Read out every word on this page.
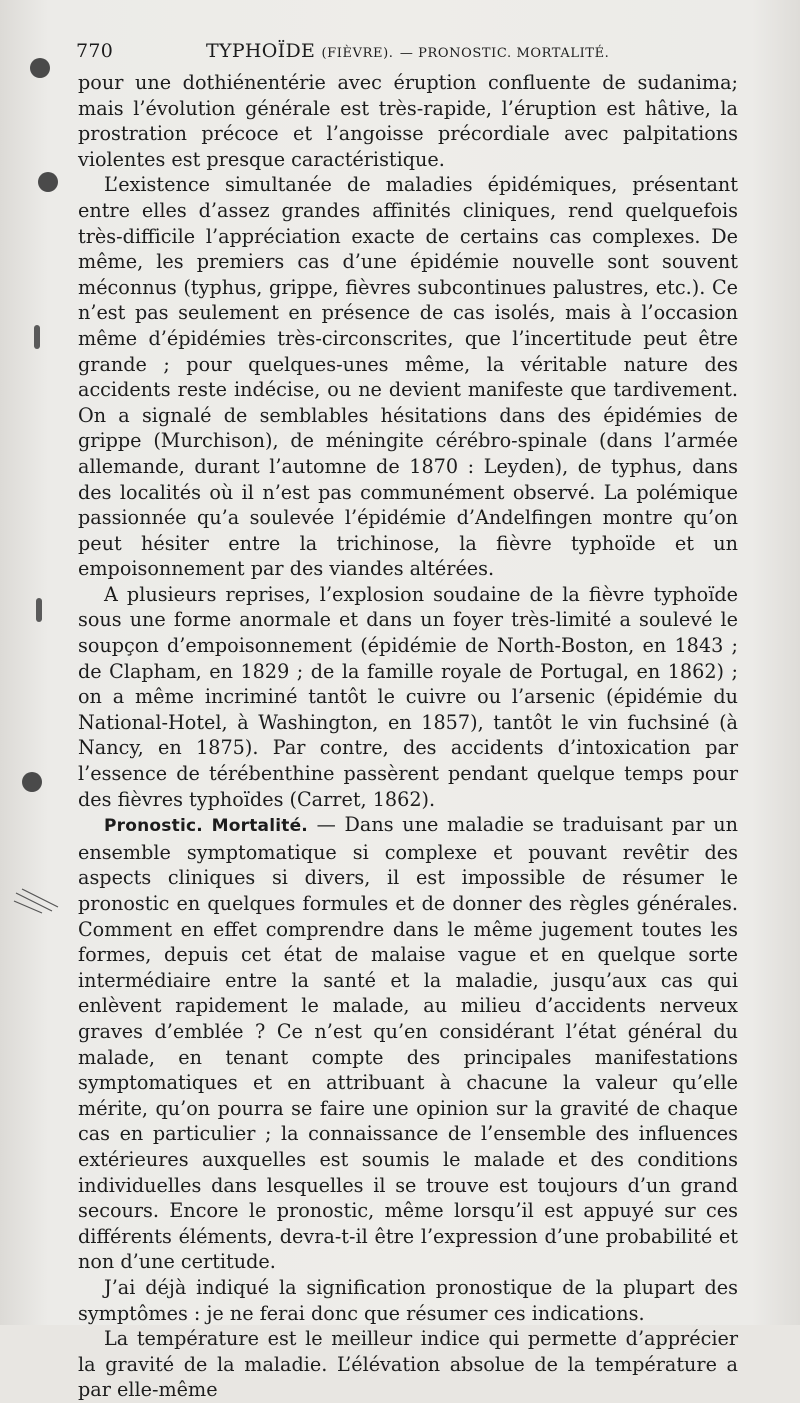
770	TYPHOÏDE (FIÈVRE). — PRONOSTIC. MORTALITÉ.

pour une dothiénentérie avec éruption confluente de sudanima; mais l’évolution générale est très-rapide, l’éruption est hâtive, la prostration précoce et l’angoisse précordiale avec palpitations violentes est presque caractéristique.

L’existence simultanée de maladies épidémiques, présentant entre elles d’assez grandes affinités cliniques, rend quelquefois très-difficile l’appréciation exacte de certains cas complexes. De même, les premiers cas d’une épidémie nouvelle sont souvent méconnus (typhus, grippe, fièvres subcontinues palustres, etc.). Ce n’est pas seulement en présence de cas isolés, mais à l’occasion même d’épidémies très-circonscrites, que l’incertitude peut être grande ; pour quelques-unes même, la véritable nature des accidents reste indécise, ou ne devient manifeste que tardivement. On a signalé de semblables hésitations dans des épidémies de grippe (Murchison), de méningite cérébro-spinale (dans l’armée allemande, durant l’automne de 1870 : Leyden), de typhus, dans des localités où il n’est pas communément observé. La polémique passionnée qu’a soulevée l’épidémie d’Andelfingen montre qu’on peut hésiter entre la trichinose, la fièvre typhoïde et un empoisonnement par des viandes altérées.

A plusieurs reprises, l’explosion soudaine de la fièvre typhoïde sous une forme anormale et dans un foyer très-limité a soulevé le soupçon d’empoisonnement (épidémie de North-Boston, en 1843 ; de Clapham, en 1829 ; de la famille royale de Portugal, en 1862) ; on a même incriminé tantôt le cuivre ou l’arsenic (épidémie du National-Hotel, à Washington, en 1857), tantôt le vin fuchsiné (à Nancy, en 1875). Par contre, des accidents d’intoxication par l’essence de térébenthine passèrent pendant quelque temps pour des fièvres typhoïdes (Carret, 1862).

Pronostic. Mortalité. — Dans une maladie se traduisant par un ensemble symptomatique si complexe et pouvant revêtir des aspects cliniques si divers, il est impossible de résumer le pronostic en quelques formules et de donner des règles générales. Comment en effet comprendre dans le même jugement toutes les formes, depuis cet état de malaise vague et en quelque sorte intermédiaire entre la santé et la maladie, jusqu’aux cas qui enlèvent rapidement le malade, au milieu d’accidents nerveux graves d’emblée ? Ce n’est qu’en considérant l’état général du malade, en tenant compte des principales manifestations symptomatiques et en attribuant à chacune la valeur qu’elle mérite, qu’on pourra se faire une opinion sur la gravité de chaque cas en particulier ; la connaissance de l’ensemble des influences extérieures auxquelles est soumis le malade et des conditions individuelles dans lesquelles il se trouve est toujours d’un grand secours. Encore le pronostic, même lorsqu’il est appuyé sur ces différents éléments, devra-t-il être l’expression d’une probabilité et non d’une certitude.

J’ai déjà indiqué la signification pronostique de la plupart des symptômes : je ne ferai donc que résumer ces indications.

La température est le meilleur indice qui permette d’apprécier la gravité de la maladie. L’élévation absolue de la température a par elle-même
